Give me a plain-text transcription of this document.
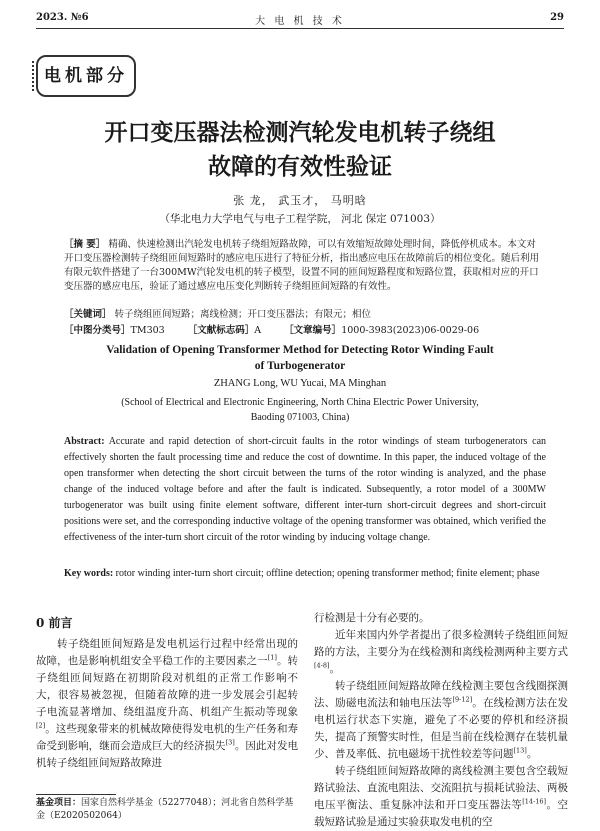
2023. №6	大 电 机 技 术	29
电机部分
开口变压器法检测汽轮发电机转子绕组
故障的有效性验证
张 龙， 武玉才， 马明晗
（华北电力大学电气与电子工程学院， 河北 保定 071003）
［摘 要］ 精确、快速检测出汽轮发电机转子绕组短路故障，可以有效缩短故障处理时间，降低停机成本。本文对开口变压器检测转子绕组匝间短路时的感应电压进行了特征分析，指出感应电压在故障前后的相位变化。随后利用有限元软件搭建了一台300MW汽轮发电机的转子模型，设置不同的匝间短路程度和短路位置，获取相对应的开口变压器的感应电压，验证了通过感应电压变化判断转子绕组匝间短路的有效性。
［关键词］ 转子绕组匝间短路；离线检测；开口变压器法；有限元；相位
［中图分类号］TM303 ［文献标志码］A ［文章编号］1000-3983(2023)06-0029-06
Validation of Opening Transformer Method for Detecting Rotor Winding Fault
of Turbogenerator
ZHANG Long, WU Yucai, MA Minghan
(School of Electrical and Electronic Engineering, North China Electric Power University,
Baoding 071003, China)
Abstract: Accurate and rapid detection of short-circuit faults in the rotor windings of steam turbogenerators can effectively shorten the fault processing time and reduce the cost of downtime. In this paper, the induced voltage of the open transformer when detecting the short circuit between the turns of the rotor winding is analyzed, and the phase change of the induced voltage before and after the fault is indicated. Subsequently, a rotor model of a 300MW turbogenerator was built using finite element software, different inter-turn short-circuit degrees and short-circuit positions were set, and the corresponding inductive voltage of the opening transformer was obtained, which verified the effectiveness of the inter-turn short circuit of the rotor winding by inducing voltage change.
Key words: rotor winding inter-turn short circuit; offline detection; opening transformer method; finite element; phase
0 前言

转子绕组匝间短路是发电机运行过程中经常出现的故障，也是影响机组安全平稳工作的主要因素之一[1]。转子绕组匝间短路在初期阶段对机组的正常工作影响不大，很容易被忽视，但随着故障的进一步发展会引起转子电流显著增加、绕组温度升高、机组产生振动等现象[2]。这些现象带来的机械故障使得发电机的生产任务和寿命受到影响，继而会造成巨大的经济损失[3]。因此对发电机转子绕组匝间短路故障进

行检测是十分有必要的。

近年来国内外学者提出了很多检测转子绕组匝间短路的方法，主要分为在线检测和离线检测两种主要方式[4-8]。

转子绕组匝间短路故障在线检测主要包含线圈探测法、励磁电流法和轴电压法等[9-12]。在线检测方法在发电机运行状态下实施，避免了不必要的停机和经济损失，提高了预警实时性，但是当前在线检测存在装机量少、普及率低、抗电磁场干扰性较差等问题[13]。

转子绕组匝间短路故障的离线检测主要包含空载短路试验法、直流电阻法、交流阻抗与损耗试验法、两极电压平衡法、重复脉冲法和开口变压器法等[14-16]。空载短路试验是通过实验获取发电机的空

基金项目：国家自然科学基金（52277048）；河北省自然科学基金（E2020502064）
